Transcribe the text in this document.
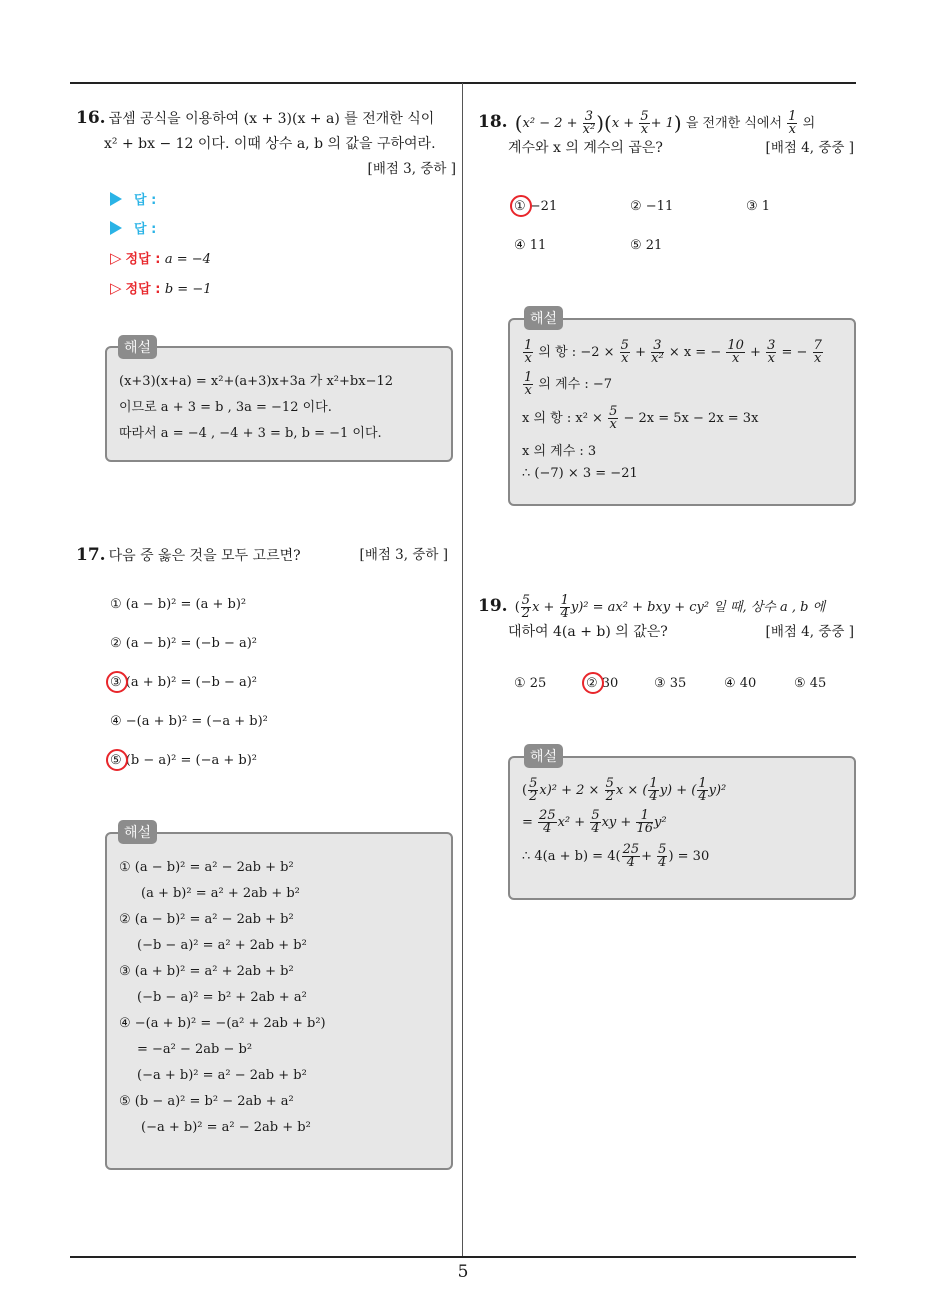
5
16. 곱셈 공식을 이용하여 (x + 3)(x + a) 를 전개한 식이
x² + bx − 12 이다. 이때 상수 a, b 의 값을 구하여라.
[배점 3, 중하 ]
답 :
답 :
▷ 정답 : a = −4
▷ 정답 : b = −1
(x+3)(x+a) = x²+(a+3)x+3a 가 x²+bx−12
이므로 a + 3 = b , 3a = −12 이다.
따라서 a = −4 , −4 + 3 = b, b = −1 이다.
해설
17. 다음 중 옳은 것을 모두 고르면?	[배점 3, 중하 ]
① (a − b)² = (a + b)²
② (a − b)² = (−b − a)²
③ (a + b)² = (−b − a)²
④ −(a + b)² = (−a + b)²
⑤ (b − a)² = (−a + b)²
① (a − b)² = a² − 2ab + b²
(a + b)² = a² + 2ab + b²
② (a − b)² = a² − 2ab + b²
(−b − a)² = a² + 2ab + b²
③ (a + b)² = a² + 2ab + b²
(−b − a)² = b² + 2ab + a²
④ −(a + b)² = −(a² + 2ab + b²)
= −a² − 2ab − b²
(−a + b)² = a² − 2ab + b²
⑤ (b − a)² = b² − 2ab + a²
(−a + b)² = a² − 2ab + b²
해설
18. $(x^2 - 2 + \frac{3}{\text{x²}} )(x + \frac{5}{x} + 1)$ 을 전개한 식에서 $\frac{1}{x}$ 의
계수와 x 의 계수의 곱은?	[배점 4, 중중 ]
① −21	② −11	③ 1
④ 11	⑤ 21
$\frac{1}{x}$ 의 항 : $-2 \times \frac{5}{x} + \frac{3}{\text{x²}} \times x$ = − $\frac{10}{x} + \frac{3}{x}$ = − $\frac{7}{x}$
$\frac{1}{x}$ 의 계수 : −7
x 의 항 : $x^2 \times \frac{5}{x} - 2x = 5x - 2x = 3x$
x 의 계수 : 3
∴ (−7) × 3 = −21
해설
19. ( $\frac{5}{2}$ $x + \frac{1}{4} y)^2 = ax^2$ + bxy + cy² 일 때, 상수 a , b 에
대하여 4(a + b) 의 값은?	[배점 4, 중중 ]
① 25	② 30	③ 35	④ 40	⑤ 45
( $\frac{5}{2} x)^2 + 2 \times \frac{5}{2}$ x × ( $\frac{1}{4} y$) + ( $\frac{1}{4} y)^2$
= $\frac{25}{4} x^2 + \frac{5}{4}$ xy + $\frac{1}{16} y^2$
∴ $4(a + b) = 4( \frac{25}{4} + \frac{5}{4}$ ) = 30
해설
